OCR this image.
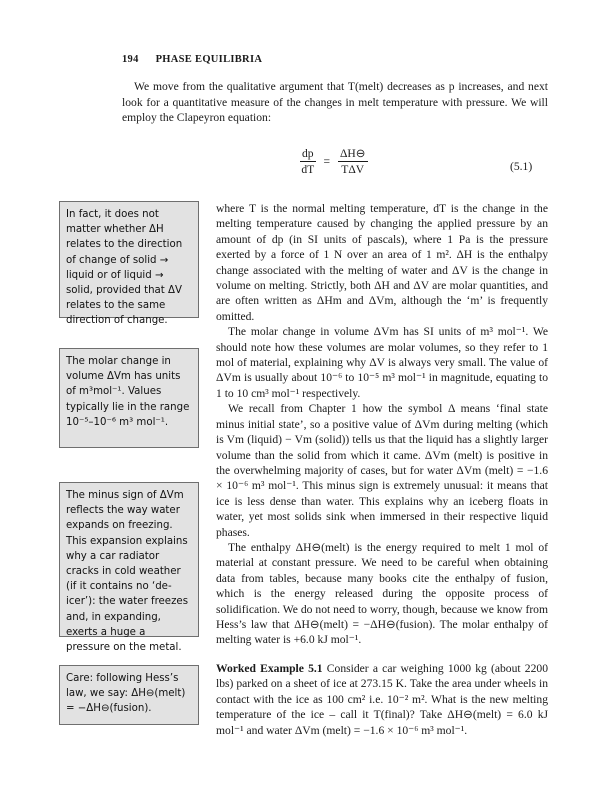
194 PHASE EQUILIBRIA

We move from the qualitative argument that T(melt) decreases as p increases, and next look for a quantitative measure of the changes in melt temperature with pressure. We will employ the Clapeyron equation:

$\frac{dp}{dT} = \frac{\Delta H⊖}{\text{TΔV}}$	(5.1)

where T is the normal melting temperature, dT is the change in the melting temperature caused by changing the applied pressure by an amount of dp (in SI units of pascals), where 1 Pa is the pressure exerted by a force of 1 N over an area of 1 m². ΔH is the enthalpy change associated with the melting of water and ΔV is the change in volume on melting. Strictly, both ΔH and ΔV are molar quantities, and are often written as ΔHm and ΔVm, although the ‘m’ is frequently omitted.

The molar change in volume ΔVm has SI units of m³ mol⁻¹. We should note how these volumes are molar volumes, so they refer to 1 mol of material, explaining why ΔV is always very small. The value of ΔVm is usually about 10⁻⁶ to 10⁻⁵ m³ mol⁻¹ in magnitude, equating to 1 to 10 cm³ mol⁻¹ respectively.

We recall from Chapter 1 how the symbol Δ means ‘final state minus initial state’, so a positive value of ΔVm during melting (which is Vm (liquid) − Vm (solid)) tells us that the liquid has a slightly larger volume than the solid from which it came. ΔVm (melt) is positive in the overwhelming majority of cases, but for water ΔVm (melt) = −1.6 × 10⁻⁶ m³ mol⁻¹. This minus sign is extremely unusual: it means that ice is less dense than water. This explains why an iceberg floats in water, yet most solids sink when immersed in their respective liquid phases.

The enthalpy ΔH⊖(melt) is the energy required to melt 1 mol of material at constant pressure. We need to be careful when obtaining data from tables, because many books cite the enthalpy of fusion, which is the energy released during the opposite process of solidification. We do not need to worry, though, because we know from Hess’s law that ΔH⊖(melt) = −ΔH⊖(fusion). The molar enthalpy of melting water is +6.0 kJ mol⁻¹.

Worked Example 5.1 Consider a car weighing 1000 kg (about 2200 lbs) parked on a sheet of ice at 273.15 K. Take the area under wheels in contact with the ice as 100 cm² i.e. 10⁻² m². What is the new melting temperature of the ice – call it T(final)? Take ΔH⊖(melt) = 6.0 kJ mol⁻¹ and water ΔVm (melt) = −1.6 × 10⁻⁶ m³ mol⁻¹.
In fact, it does not matter whether ΔH relates to the direction of change of solid → liquid or of liquid → solid, provided that ΔV relates to the same direction of change.
The molar change in volume ΔVm has units of m³mol⁻¹. Values typically lie in the range 10⁻⁵–10⁻⁶ m³ mol⁻¹.
The minus sign of ΔVm reflects the way water expands on freezing. This expansion explains why a car radiator cracks in cold weather (if it contains no ‘de-icer’): the water freezes and, in expanding, exerts a huge a pressure on the metal.
Care: following Hess’s law, we say: ΔH⊖(melt) = −ΔH⊖(fusion).
